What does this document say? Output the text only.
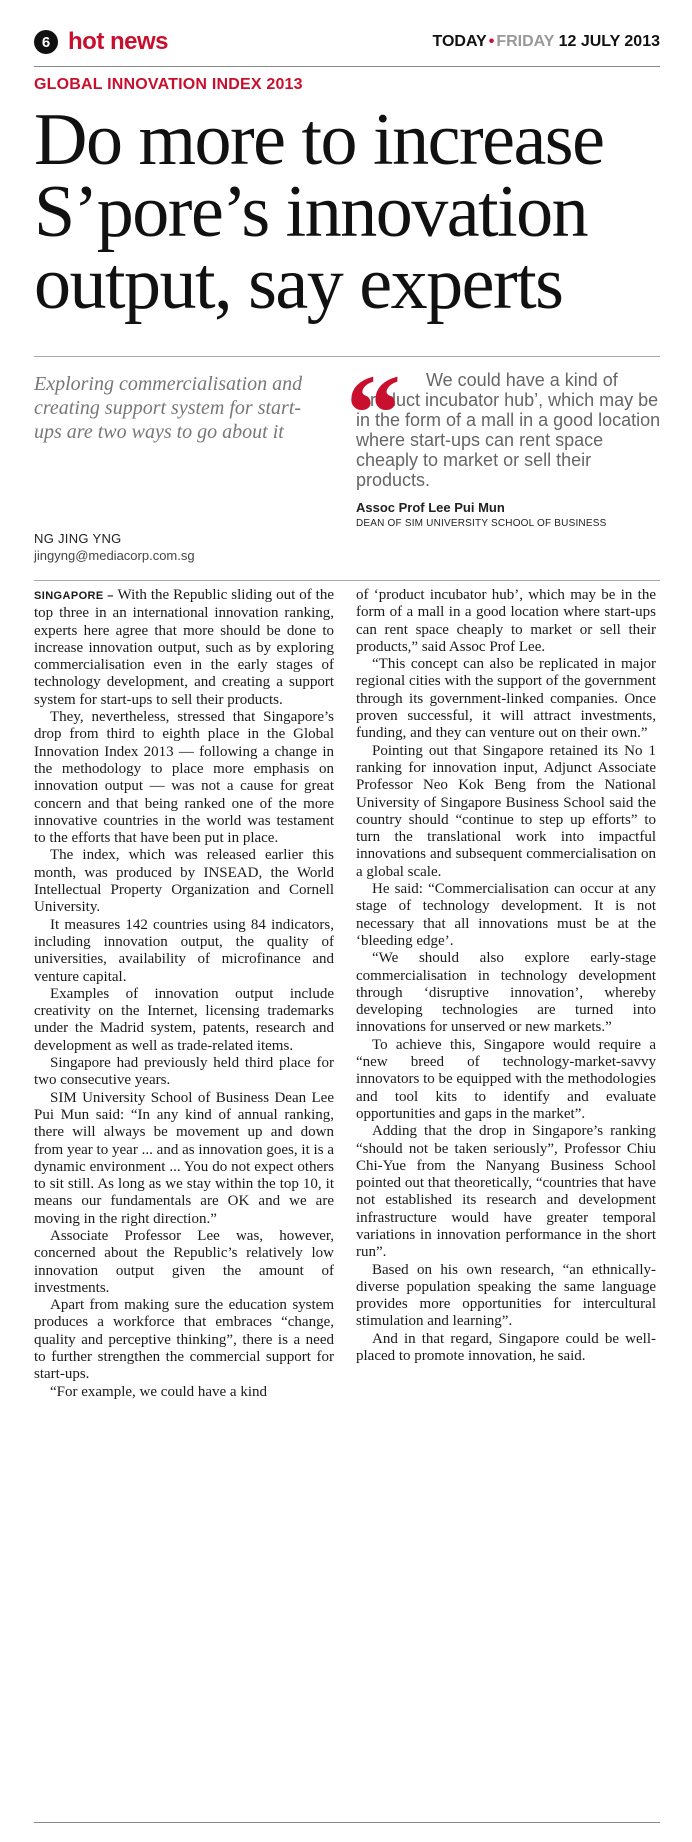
6 hot news	TODAY • FRIDAY 12 JULY 2013
GLOBAL INNOVATION INDEX 2013
Do more to increase S’pore’s innovation output, say experts
Exploring commercialisation and creating support system for start-ups are two ways to go about it
NG JING YNG
jingyng@mediacorp.com.sg
“	We could have a kind of ‘product incubator hub’, which may be in the form of a mall in a good location where start-ups can rent space cheaply to market or sell their products.

Assoc Prof Lee Pui Mun
DEAN OF SIM UNIVERSITY SCHOOL OF BUSINESS

SINGAPORE – With the Republic sliding out of the top three in an international innovation ranking, experts here agree that more should be done to increase innovation output, such as by exploring commercialisation even in the early stages of technology development, and creating a support system for start-ups to sell their products.

They, nevertheless, stressed that Singapore’s drop from third to eighth place in the Global Innovation Index 2013 — following a change in the methodology to place more emphasis on innovation output — was not a cause for great concern and that being ranked one of the more innovative countries in the world was testament to the efforts that have been put in place.

The index, which was released earlier this month, was produced by INSEAD, the World Intellectual Property Organization and Cornell University.

It measures 142 countries using 84 indicators, including innovation output, the quality of universities, availability of microfinance and venture capital.

Examples of innovation output include creativity on the Internet, licensing trademarks under the Madrid system, patents, research and development as well as trade-related items.

Singapore had previously held third place for two consecutive years.

SIM University School of Business Dean Lee Pui Mun said: “In any kind of annual ranking, there will always be movement up and down from year to year ... and as innovation goes, it is a dynamic environment ... You do not expect others to sit still. As long as we stay within the top 10, it means our fundamentals are OK and we are moving in the right direction.”

Associate Professor Lee was, however, concerned about the Republic’s relatively low innovation output given the amount of investments.

Apart from making sure the education system produces a workforce that embraces “change, quality and perceptive thinking”, there is a need to further strengthen the commercial support for start-ups.

“For example, we could have a kind

of ‘product incubator hub’, which may be in the form of a mall in a good location where start-ups can rent space cheaply to market or sell their products,” said Assoc Prof Lee.

“This concept can also be replicated in major regional cities with the support of the government through its government-linked companies. Once proven successful, it will attract investments, funding, and they can venture out on their own.”

Pointing out that Singapore retained its No 1 ranking for innovation input, Adjunct Associate Professor Neo Kok Beng from the National University of Singapore Business School said the country should “continue to step up efforts” to turn the translational work into impactful innovations and subsequent commercialisation on a global scale.

He said: “Commercialisation can occur at any stage of technology development. It is not necessary that all innovations must be at the ‘bleeding edge’.

“We should also explore early-stage commercialisation in technology development through ‘disruptive innovation’, whereby developing technologies are turned into innovations for unserved or new markets.”

To achieve this, Singapore would require a “new breed of technology-market-savvy innovators to be equipped with the methodologies and tool kits to identify and evaluate opportunities and gaps in the market”.

Adding that the drop in Singapore’s ranking “should not be taken seriously”, Professor Chiu Chi-Yue from the Nanyang Business School pointed out that theoretically, “countries that have not established its research and development infrastructure would have greater temporal variations in innovation performance in the short run”.

Based on his own research, “an ethnically-diverse population speaking the same language provides more opportunities for intercultural stimulation and learning”.

And in that regard, Singapore could be well-placed to promote innovation, he said.
